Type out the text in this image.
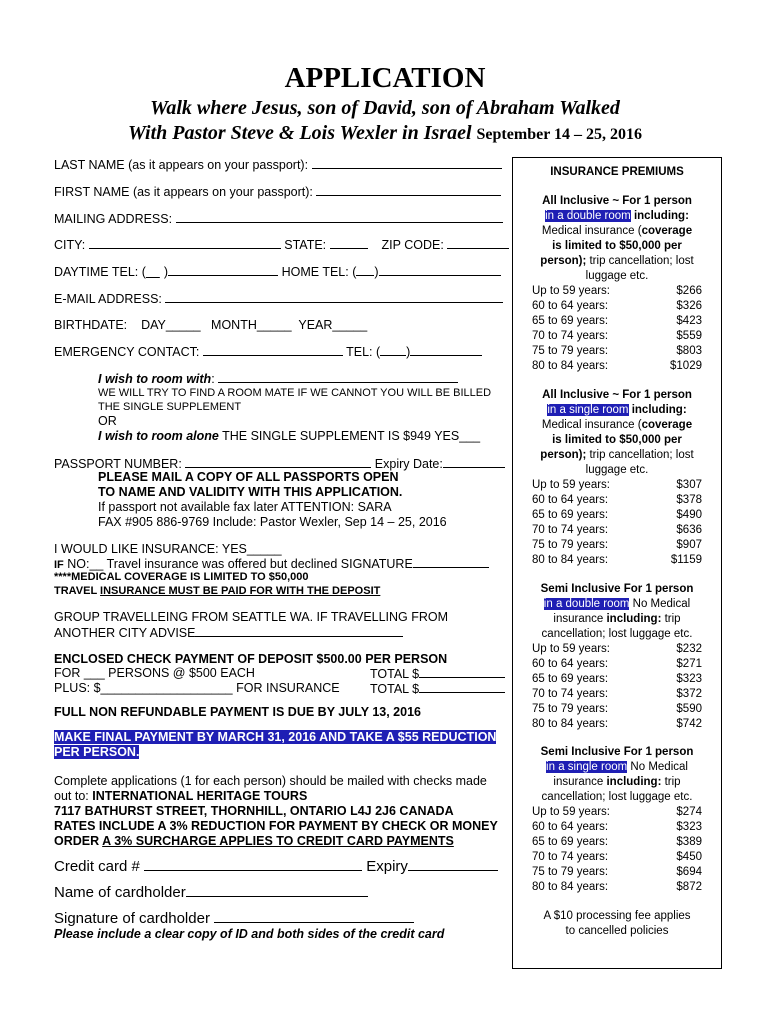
APPLICATION
Walk where Jesus, son of David, son of Abraham Walked
With Pastor Steve & Lois Wexler in Israel September 14 – 25, 2016
LAST NAME (as it appears on your passport):
FIRST NAME (as it appears on your passport):
MAILING ADDRESS:
CITY:	STATE:	ZIP CODE:
DAYTIME TEL: ( )	HOME TEL: ( )
E-MAIL ADDRESS:
BIRTHDATE: DAY_____ MONTH_____ YEAR_____
EMERGENCY CONTACT:	TEL: ( )
I wish to room with:
WE WILL TRY TO FIND A ROOM MATE IF WE CANNOT YOU WILL BE BILLED
THE SINGLE SUPPLEMENT
OR
I wish to room alone THE SINGLE SUPPLEMENT IS $949 YES___
PASSPORT NUMBER:	Expiry Date:
PLEASE MAIL A COPY OF ALL PASSPORTS OPEN
TO NAME AND VALIDITY WITH THIS APPLICATION.
If passport not available fax later ATTENTION: SARA
FAX #905 886-9769 Include: Pastor Wexler, Sep 14 – 25, 2016
I WOULD LIKE INSURANCE: YES_____
IF NO:__ Travel insurance was offered but declined SIGNATURE
****MEDICAL COVERAGE IS LIMITED TO $50,000
TRAVEL INSURANCE MUST BE PAID FOR WITH THE DEPOSIT
GROUP TRAVELLEING FROM SEATTLE WA. IF TRAVELLING FROM
ANOTHER CITY ADVISE
ENCLOSED CHECK PAYMENT OF DEPOSIT $500.00 PER PERSON
FOR ___ PERSONS @ $500 EACH	TOTAL $
PLUS: $___________________ FOR INSURANCE TOTAL $
FULL NON REFUNDABLE PAYMENT IS DUE BY JULY 13, 2016
MAKE FINAL PAYMENT BY MARCH 31, 2016 AND TAKE A $55 REDUCTION
PER PERSON.
Complete applications (1 for each person) should be mailed with checks made
out to: INTERNATIONAL HERITAGE TOURS
7117 BATHURST STREET, THORNHILL, ONTARIO L4J 2J6 CANADA
RATES INCLUDE A 3% REDUCTION FOR PAYMENT BY CHECK OR MONEY
ORDER A 3% SURCHARGE APPLIES TO CREDIT CARD PAYMENTS
Credit card #	Expiry
Name of cardholder
Signature of cardholder
Please include a clear copy of ID and both sides of the credit card
INSURANCE PREMIUMS
All Inclusive ~ For 1 person
in a double room including:
Medical insurance (coverage
is limited to $50,000 per
person); trip cancellation; lost
luggage etc.
Up to 59 years:	$266
60 to 64 years:	$326
65 to 69 years:	$423
70 to 74 years:	$559
75 to 79 years:	$803
80 to 84 years:	$1029
All Inclusive ~ For 1 person
in a single room including:
Medical insurance (coverage
is limited to $50,000 per
person); trip cancellation; lost
luggage etc.
Up to 59 years:	$307
60 to 64 years:	$378
65 to 69 years:	$490
70 to 74 years:	$636
75 to 79 years:	$907
80 to 84 years:	$1159
Semi Inclusive For 1 person
in a double room No Medical
insurance including: trip
cancellation; lost luggage etc.
Up to 59 years:	$232
60 to 64 years:	$271
65 to 69 years:	$323
70 to 74 years:	$372
75 to 79 years:	$590
80 to 84 years:	$742
Semi Inclusive For 1 person
in a single room No Medical
insurance including: trip
cancellation; lost luggage etc.
Up to 59 years:	$274
60 to 64 years:	$323
65 to 69 years:	$389
70 to 74 years:	$450
75 to 79 years:	$694
80 to 84 years:	$872
A $10 processing fee applies
to cancelled policies
